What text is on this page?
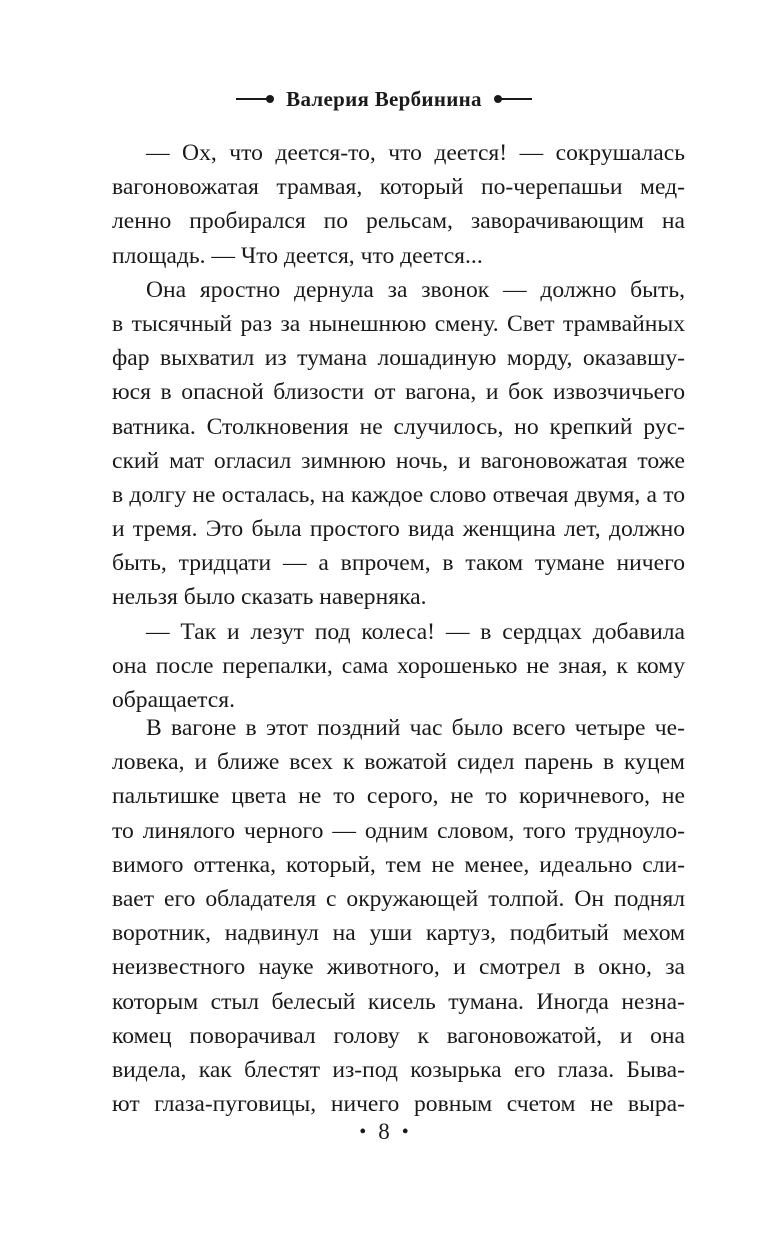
Валерия Вербинина
— Ох, что деется-то, что деется! — сокрушалась
вагоновожатая трамвая, который по-черепашьи мед-
ленно пробирался по рельсам, заворачивающим на
площадь. — Что деется, что деется...
Она яростно дернула за звонок — должно быть,
в тысячный раз за нынешнюю смену. Свет трамвайных
фар выхватил из тумана лошадиную морду, оказавшу-
юся в опасной близости от вагона, и бок извозчичьего
ватника. Столкновения не случилось, но крепкий рус-
ский мат огласил зимнюю ночь, и вагоновожатая тоже
в долгу не осталась, на каждое слово отвечая двумя, а то
и тремя. Это была простого вида женщина лет, должно
быть, тридцати — а впрочем, в таком тумане ничего
нельзя было сказать наверняка.
— Так и лезут под колеса! — в сердцах добавила
она после перепалки, сама хорошенько не зная, к кому
обращается.
В вагоне в этот поздний час было всего четыре че-
ловека, и ближе всех к вожатой сидел парень в куцем
пальтишке цвета не то серого, не то коричневого, не
то линялого черного — одним словом, того трудноуло-
вимого оттенка, который, тем не менее, идеально сли-
вает его обладателя с окружающей толпой. Он поднял
воротник, надвинул на уши картуз, подбитый мехом
неизвестного науке животного, и смотрел в окно, за
которым стыл белесый кисель тумана. Иногда незна-
комец поворачивал голову к вагоновожатой, и она
видела, как блестят из-под козырька его глаза. Быва-
ют глаза-пуговицы, ничего ровным счетом не выра-
• 8 •
